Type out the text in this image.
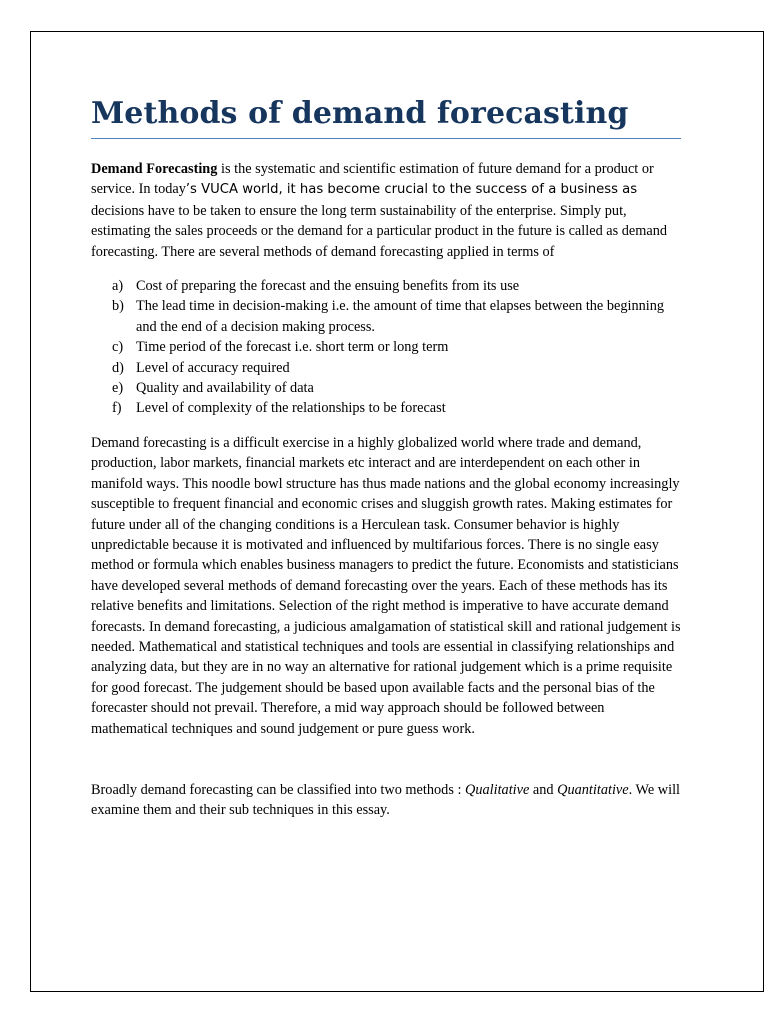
Methods of demand forecasting

Demand Forecasting is the systematic and scientific estimation of future demand for a product or service. In today’s VUCA world, it has become crucial to the success of a business as decisions have to be taken to ensure the long term sustainability of the enterprise. Simply put, estimating the sales proceeds or the demand for a particular product in the future is called as demand forecasting. There are several methods of demand forecasting applied in terms of

a) Cost of preparing the forecast and the ensuing benefits from its use
b) The lead time in decision-making i.e. the amount of time that elapses between the beginning and the end of a decision making process.
c) Time period of the forecast i.e. short term or long term
d) Level of accuracy required
e) Quality and availability of data
f) Level of complexity of the relationships to be forecast

Demand forecasting is a difficult exercise in a highly globalized world where trade and demand, production, labor markets, financial markets etc interact and are interdependent on each other in manifold ways. This noodle bowl structure has thus made nations and the global economy increasingly susceptible to frequent financial and economic crises and sluggish growth rates. Making estimates for future under all of the changing conditions is a Herculean task. Consumer behavior is highly unpredictable because it is motivated and influenced by multifarious forces. There is no single easy method or formula which enables business managers to predict the future. Economists and statisticians have developed several methods of demand forecasting over the years. Each of these methods has its relative benefits and limitations. Selection of the right method is imperative to have accurate demand forecasts. In demand forecasting, a judicious amalgamation of statistical skill and rational judgement is needed. Mathematical and statistical techniques and tools are essential in classifying relationships and analyzing data, but they are in no way an alternative for rational judgement which is a prime requisite for good forecast. The judgement should be based upon available facts and the personal bias of the forecaster should not prevail. Therefore, a mid way approach should be followed between mathematical techniques and sound judgement or pure guess work.

Broadly demand forecasting can be classified into two methods : Qualitative and Quantitative. We will examine them and their sub techniques in this essay.
